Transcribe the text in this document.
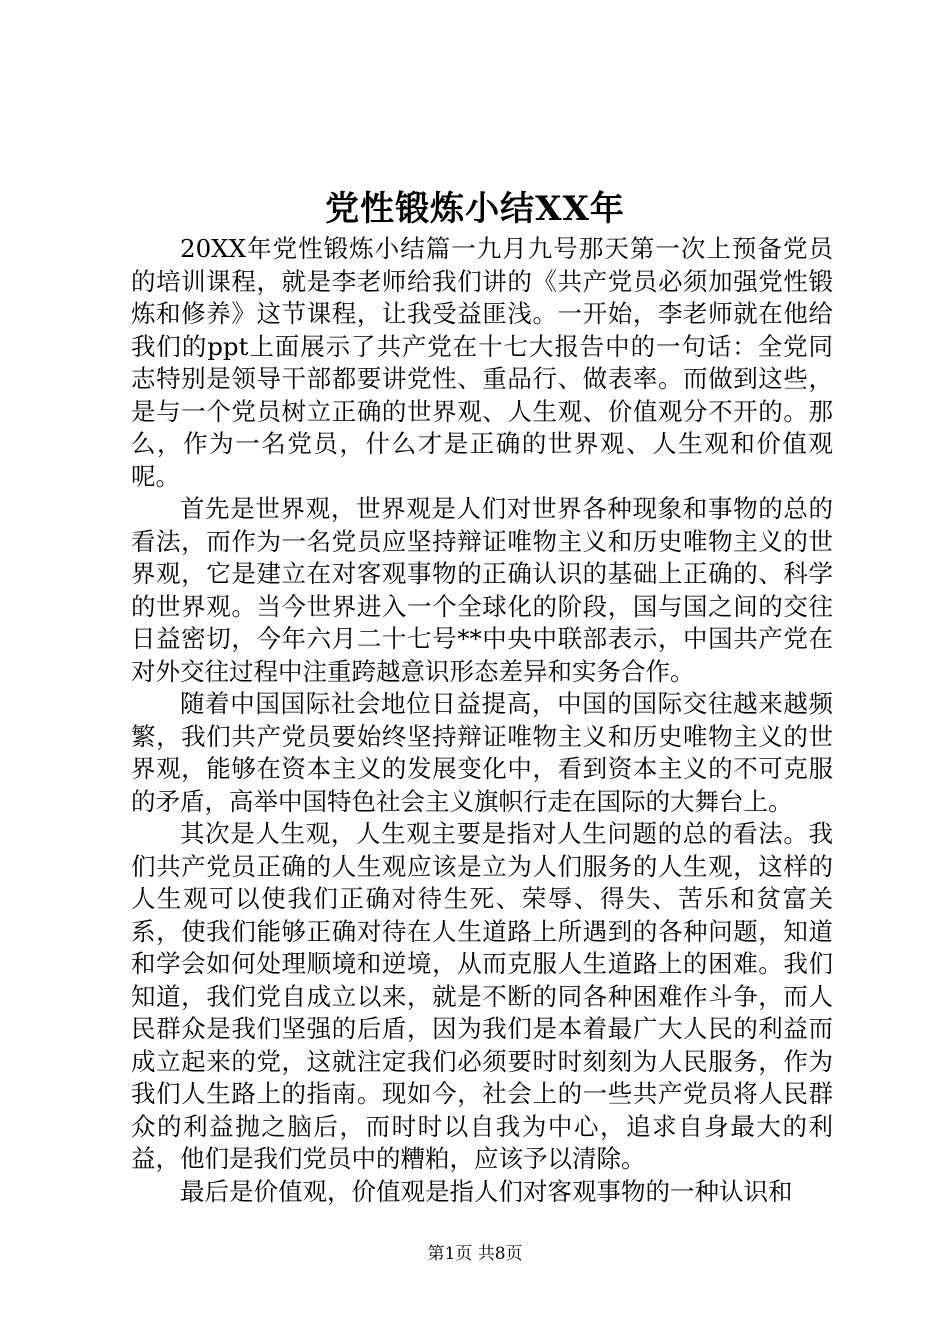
党性锻炼小结XX年

20XX年党性锻炼小结篇一九月九号那天第一次上预备党员的培训课程，就是李老师给我们讲的《共产党员必须加强党性锻炼和修养》这节课程，让我受益匪浅。一开始，李老师就在他给我们的ppt上面展示了共产党在十七大报告中的一句话：全党同志特别是领导干部都要讲党性、重品行、做表率。而做到这些，是与一个党员树立正确的世界观、人生观、价值观分不开的。那么，作为一名党员，什么才是正确的世界观、人生观和价值观呢。

首先是世界观，世界观是人们对世界各种现象和事物的总的看法，而作为一名党员应坚持辩证唯物主义和历史唯物主义的世界观，它是建立在对客观事物的正确认识的基础上正确的、科学的世界观。当今世界进入一个全球化的阶段，国与国之间的交往日益密切，今年六月二十七号**中央中联部表示，中国共产党在对外交往过程中注重跨越意识形态差异和实务合作。

随着中国国际社会地位日益提高，中国的国际交往越来越频繁，我们共产党员要始终坚持辩证唯物主义和历史唯物主义的世界观，能够在资本主义的发展变化中，看到资本主义的不可克服的矛盾，高举中国特色社会主义旗帜行走在国际的大舞台上。

其次是人生观，人生观主要是指对人生问题的总的看法。我们共产党员正确的人生观应该是立为人们服务的人生观，这样的人生观可以使我们正确对待生死、荣辱、得失、苦乐和贫富关系，使我们能够正确对待在人生道路上所遇到的各种问题，知道和学会如何处理顺境和逆境，从而克服人生道路上的困难。我们知道，我们党自成立以来，就是不断的同各种困难作斗争，而人民群众是我们坚强的后盾，因为我们是本着最广大人民的利益而成立起来的党，这就注定我们必须要时时刻刻为人民服务，作为我们人生路上的指南。现如今，社会上的一些共产党员将人民群众的利益抛之脑后，而时时以自我为中心，追求自身最大的利益，他们是我们党员中的糟粕，应该予以清除。

最后是价值观，价值观是指人们对客观事物的一种认识和

第1页 共8页
